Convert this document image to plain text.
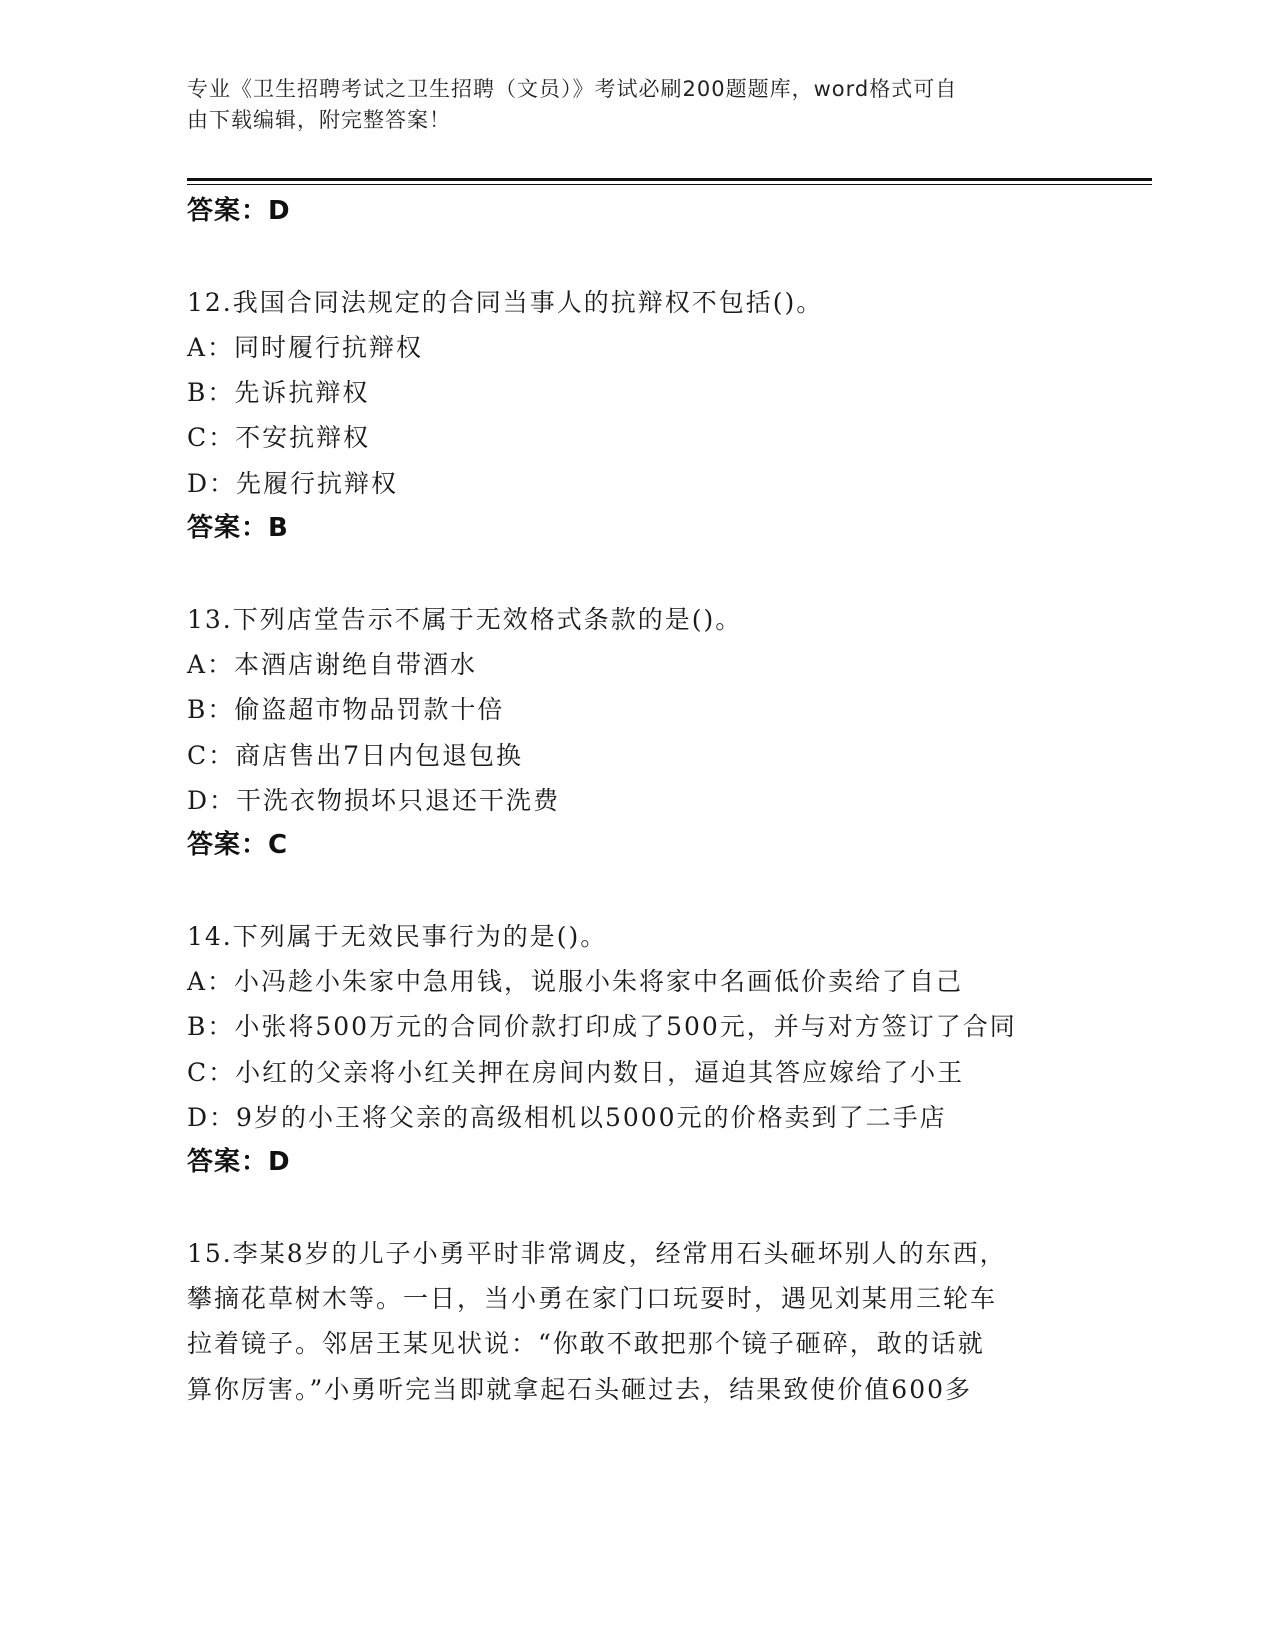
专业《卫生招聘考试之卫生招聘（文员）》考试必刷200题题库，word格式可自
由下载编辑，附完整答案！
答案：D
12.我国合同法规定的合同当事人的抗辩权不包括()。
A：同时履行抗辩权
B：先诉抗辩权
C：不安抗辩权
D：先履行抗辩权
答案：B
13.下列店堂告示不属于无效格式条款的是()。
A：本酒店谢绝自带酒水
B：偷盗超市物品罚款十倍
C：商店售出7日内包退包换
D：干洗衣物损坏只退还干洗费
答案：C
14.下列属于无效民事行为的是()。
A：小冯趁小朱家中急用钱，说服小朱将家中名画低价卖给了自己
B：小张将500万元的合同价款打印成了500元，并与对方签订了合同
C：小红的父亲将小红关押在房间内数日，逼迫其答应嫁给了小王
D：9岁的小王将父亲的高级相机以5000元的价格卖到了二手店
答案：D
15.李某8岁的儿子小勇平时非常调皮，经常用石头砸坏别人的东西，
攀摘花草树木等。一日，当小勇在家门口玩耍时，遇见刘某用三轮车
拉着镜子。邻居王某见状说：“你敢不敢把那个镜子砸碎，敢的话就
算你厉害。”小勇听完当即就拿起石头砸过去，结果致使价值600多
